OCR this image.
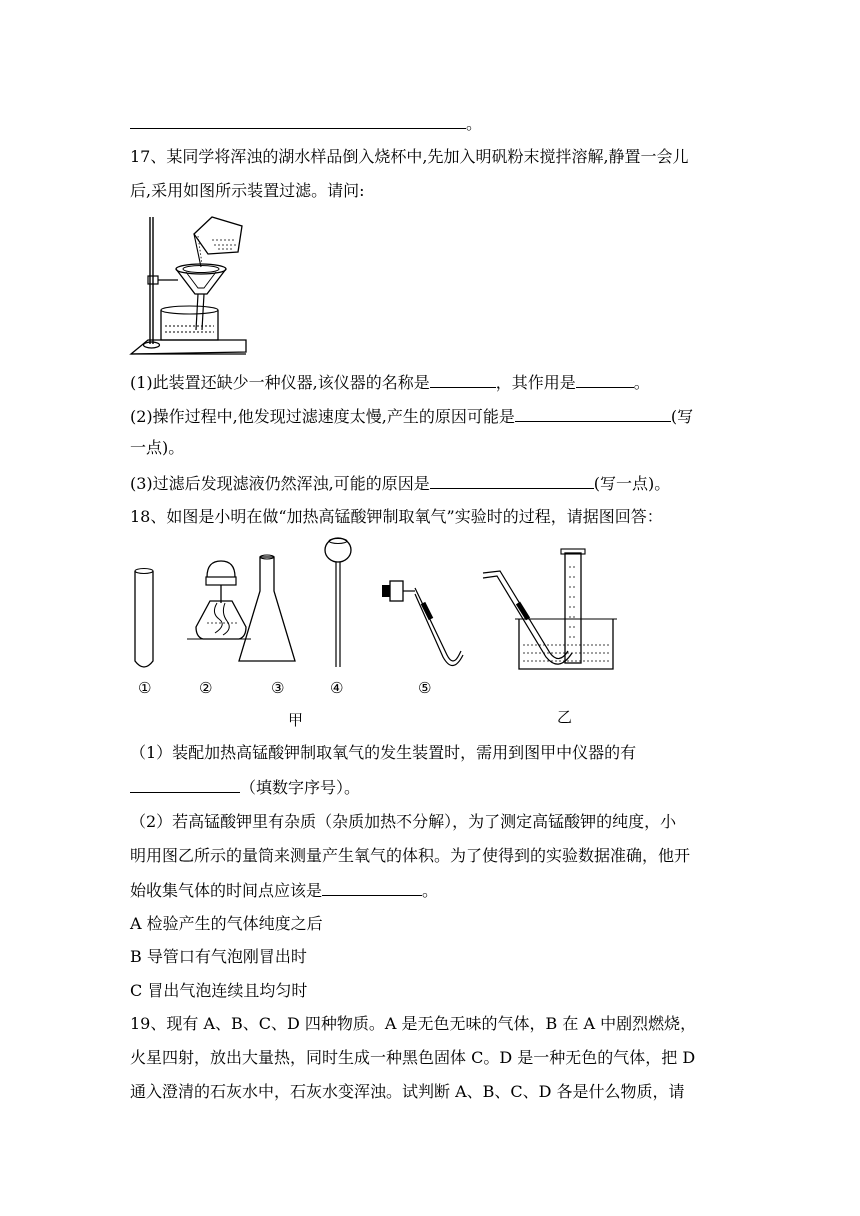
。
17、某同学将浑浊的湖水样品倒入烧杯中,先加入明矾粉末搅拌溶解,静置一会儿
后,采用如图所示装置过滤。请问:
(1)此装置还缺少一种仪器,该仪器的名称是	，其作用是	。
(2)操作过程中,他发现过滤速度太慢,产生的原因可能是	(写
一点)。
(3)过滤后发现滤液仍然浑浊,可能的原因是	(写一点)。
18、如图是小明在做“加热高锰酸钾制取氧气”实验时的过程，请据图回答：
①	②	③	④	⑤
甲	乙
（1）装配加热高锰酸钾制取氧气的发生装置时，需用到图甲中仪器的有
（填数字序号）。
（2）若高锰酸钾里有杂质（杂质加热不分解），为了测定高锰酸钾的纯度，小
明用图乙所示的量筒来测量产生氧气的体积。为了使得到的实验数据准确，他开
始收集气体的时间点应该是	。
A 检验产生的气体纯度之后
B 导管口有气泡刚冒出时
C 冒出气泡连续且均匀时
19、现有 A、B、C、D 四种物质。A 是无色无味的气体，B 在 A 中剧烈燃烧，
火星四射，放出大量热，同时生成一种黑色固体 C。D 是一种无色的气体，把 D
通入澄清的石灰水中，石灰水变浑浊。试判断 A、B、C、D 各是什么物质，请
